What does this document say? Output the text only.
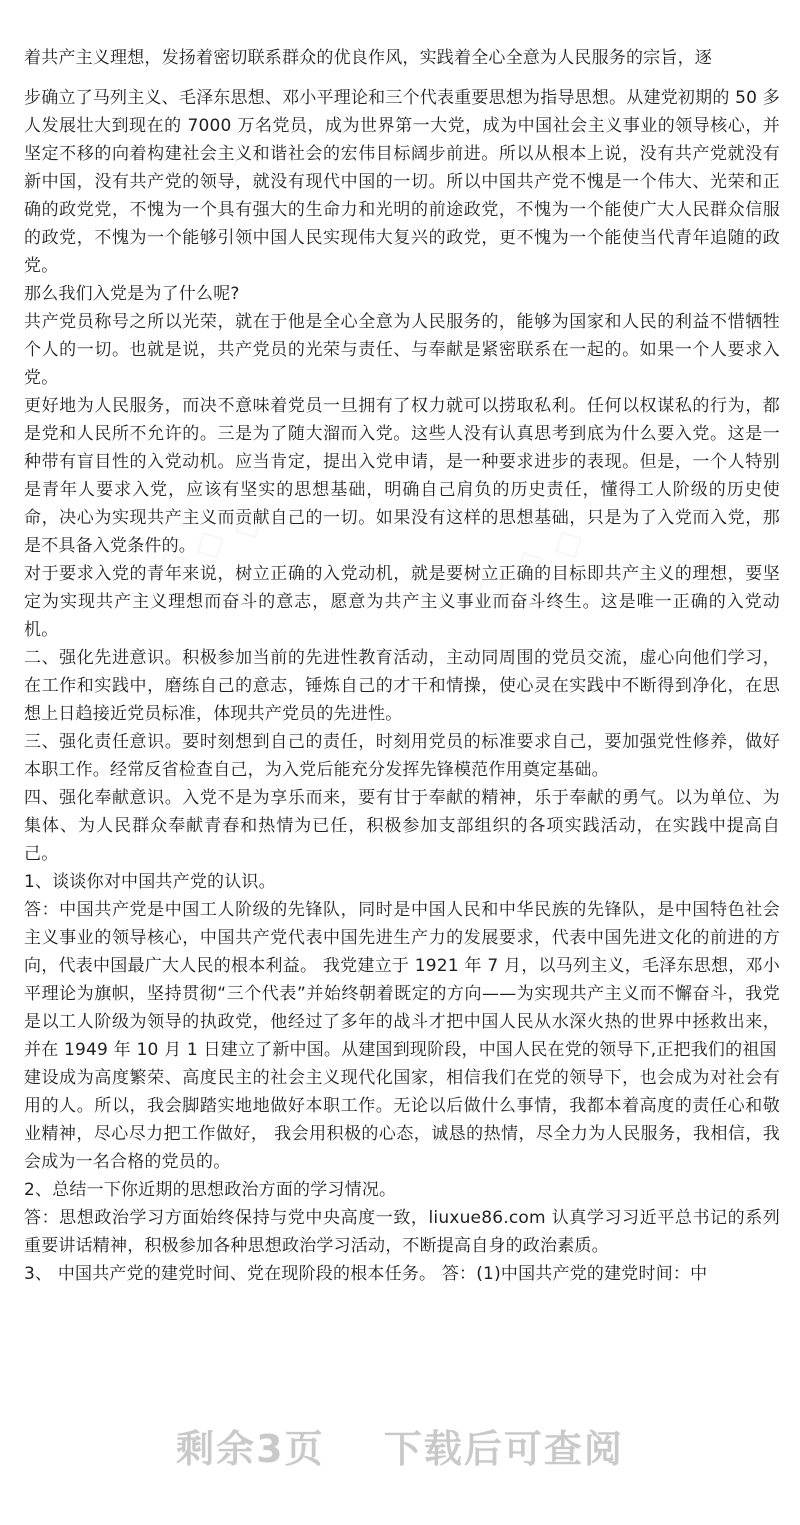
着共产主义理想，发扬着密切联系群众的优良作风，实践着全心全意为人民服务的宗旨，逐

步确立了马列主义、毛泽东思想、邓小平理论和三个代表重要思想为指导思想。从建党初期的 50 多人发展壮大到现在的 7000 万名党员，成为世界第一大党，成为中国社会主义事业的领导核心，并坚定不移的向着构建社会主义和谐社会的宏伟目标阔步前进。所以从根本上说，没有共产党就没有新中国，没有共产党的领导，就没有现代中国的一切。所以中国共产党不愧是一个伟大、光荣和正确的政党党，不愧为一个具有强大的生命力和光明的前途政党，不愧为一个能使广大人民群众信服的政党，不愧为一个能够引领中国人民实现伟大复兴的政党，更不愧为一个能使当代青年追随的政党。

那么我们入党是为了什么呢?

共产党员称号之所以光荣，就在于他是全心全意为人民服务的，能够为国家和人民的利益不惜牺牲个人的一切。也就是说，共产党员的光荣与责任、与奉献是紧密联系在一起的。如果一个人要求入党。

更好地为人民服务，而决不意味着党员一旦拥有了权力就可以捞取私利。任何以权谋私的行为，都是党和人民所不允许的。三是为了随大溜而入党。这些人没有认真思考到底为什么要入党。这是一种带有盲目性的入党动机。应当肯定，提出入党申请，是一种要求进步的表现。但是，一个人特别是青年人要求入党，应该有坚实的思想基础，明确自己肩负的历史责任，懂得工人阶级的历史使命，决心为实现共产主义而贡献自己的一切。如果没有这样的思想基础，只是为了入党而入党，那是不具备入党条件的。

对于要求入党的青年来说，树立正确的入党动机，就是要树立正确的目标即共产主义的理想，要坚定为实现共产主义理想而奋斗的意志，愿意为共产主义事业而奋斗终生。这是唯一正确的入党动机。

二、强化先进意识。积极参加当前的先进性教育活动，主动同周围的党员交流，虚心向他们学习，在工作和实践中，磨练自己的意志，锤炼自己的才干和情操，使心灵在实践中不断得到净化，在思想上日趋接近党员标准，体现共产党员的先进性。

三、强化责任意识。要时刻想到自己的责任，时刻用党员的标准要求自己，要加强党性修养，做好本职工作。经常反省检查自己，为入党后能充分发挥先锋模范作用奠定基础。

四、强化奉献意识。入党不是为享乐而来，要有甘于奉献的精神，乐于奉献的勇气。以为单位、为集体、为人民群众奉献青春和热情为已任，积极参加支部组织的各项实践活动，在实践中提高自己。

1、谈谈你对中国共产党的认识。

答：中国共产党是中国工人阶级的先锋队，同时是中国人民和中华民族的先锋队，是中国特色社会主义事业的领导核心，中国共产党代表中国先进生产力的发展要求，代表中国先进文化的前进的方向，代表中国最广大人民的根本利益。 我党建立于 1921 年 7 月，以马列主义，毛泽东思想，邓小平理论为旗帜，坚持贯彻“三个代表”并始终朝着既定的方向——为实现共产主义而不懈奋斗，我党是以工人阶级为领导的执政党，他经过了多年的战斗才把中国人民从水深火热的世界中拯救出来，并在 1949 年 10 月 1 日建立了新中国。从建国到现阶段，中国人民在党的领导下,正把我们的祖国

建设成为高度繁荣、高度民主的社会主义现代化国家，相信我们在党的领导下，也会成为对社会有用的人。所以，我会脚踏实地地做好本职工作。无论以后做什么事情，我都本着高度的责任心和敬业精神，尽心尽力把工作做好， 我会用积极的心态，诚恳的热情，尽全力为人民服务，我相信，我会成为一名合格的党员的。

2、总结一下你近期的思想政治方面的学习情况。

答：思想政治学习方面始终保持与党中央高度一致，liuxue86.com 认真学习习近平总书记的系列重要讲话精神，积极参加各种思想政治学习活动，不断提高自身的政治素质。

3、 中国共产党的建党时间、党在现阶段的根本任务。 答：(1)中国共产党的建党时间：中

◇ ◇ ◇	◇ ◇ ◇
剩余3页 下载后可查阅
